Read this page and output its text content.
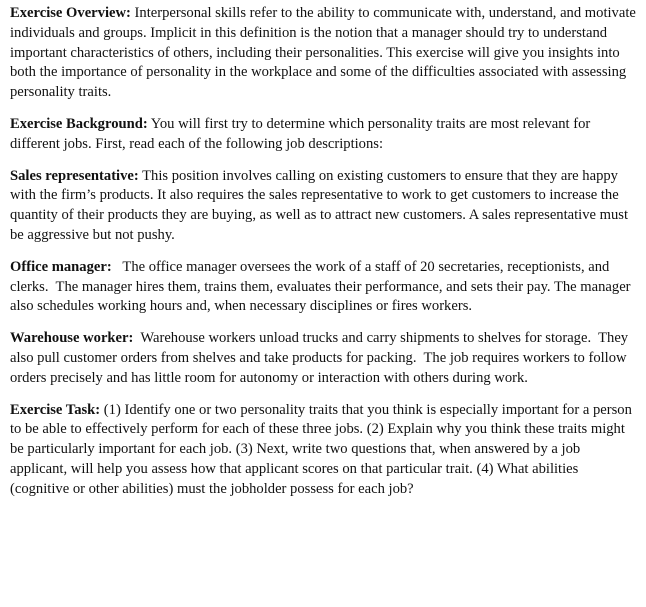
Exercise Overview: Interpersonal skills refer to the ability to communicate with, understand, and motivate individuals and groups. Implicit in this definition is the notion that a manager should try to understand important characteristics of others, including their personalities. This exercise will give you insights into both the importance of personality in the workplace and some of the difficulties associated with assessing personality traits.

Exercise Background: You will first try to determine which personality traits are most relevant for different jobs. First, read each of the following job descriptions:

Sales representative: This position involves calling on existing customers to ensure that they are happy with the firm’s products. It also requires the sales representative to work to get customers to increase the quantity of their products they are buying, as well as to attract new customers. A sales representative must be aggressive but not pushy.

Office manager:   The office manager oversees the work of a staff of 20 secretaries, receptionists, and clerks.  The manager hires them, trains them, evaluates their performance, and sets their pay. The manager also schedules working hours and, when necessary disciplines or fires workers.

Warehouse worker:  Warehouse workers unload trucks and carry shipments to shelves for storage.  They also pull customer orders from shelves and take products for packing.  The job requires workers to follow orders precisely and has little room for autonomy or interaction with others during work.

Exercise Task: (1) Identify one or two personality traits that you think is especially important for a person to be able to effectively perform for each of these three jobs. (2) Explain why you think these traits might be particularly important for each job. (3) Next, write two questions that, when answered by a job applicant, will help you assess how that applicant scores on that particular trait. (4) What abilities (cognitive or other abilities) must the jobholder possess for each job?
